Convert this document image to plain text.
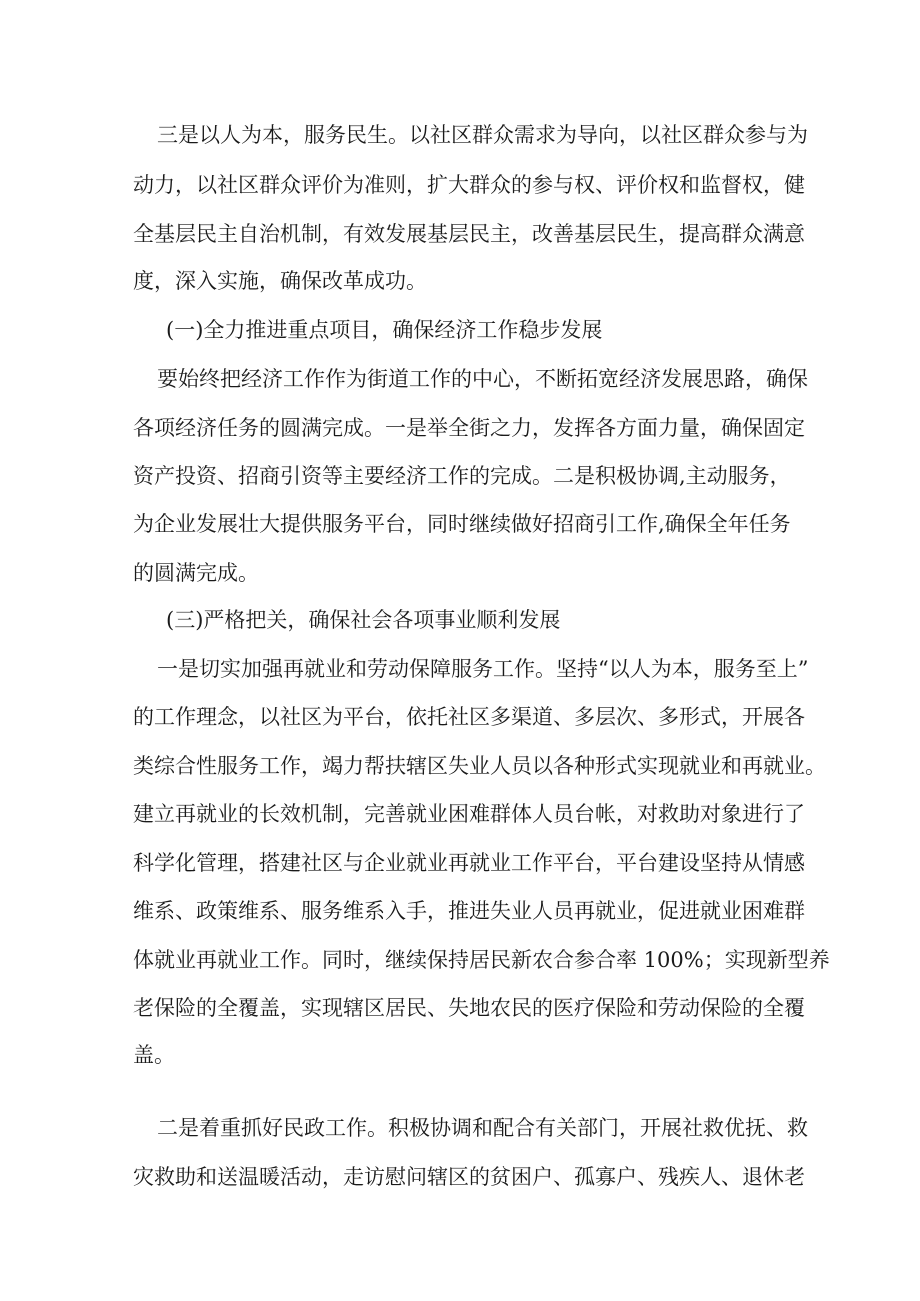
三是以人为本，服务民生。以社区群众需求为导向，以社区群众参与为
动力，以社区群众评价为准则，扩大群众的参与权、评价权和监督权，健
全基层民主自治机制，有效发展基层民主，改善基层民生，提高群众满意
度，深入实施，确保改革成功。
(一)全力推进重点项目，确保经济工作稳步发展
要始终把经济工作作为街道工作的中心，不断拓宽经济发展思路，确保
各项经济任务的圆满完成。一是举全街之力，发挥各方面力量，确保固定
资产投资、招商引资等主要经济工作的完成。二是积极协调,主动服务，
为企业发展壮大提供服务平台，同时继续做好招商引工作,确保全年任务
的圆满完成。
(三)严格把关，确保社会各项事业顺利发展
一是切实加强再就业和劳动保障服务工作。坚持“以人为本，服务至上”
的工作理念，以社区为平台，依托社区多渠道、多层次、多形式，开展各
类综合性服务工作，竭力帮扶辖区失业人员以各种形式实现就业和再就业。
建立再就业的长效机制，完善就业困难群体人员台帐，对救助对象进行了
科学化管理，搭建社区与企业就业再就业工作平台，平台建设坚持从情感
维系、政策维系、服务维系入手，推进失业人员再就业，促进就业困难群
体就业再就业工作。同时，继续保持居民新农合参合率 100%；实现新型养
老保险的全覆盖，实现辖区居民、失地农民的医疗保险和劳动保险的全覆
盖。
二是着重抓好民政工作。积极协调和配合有关部门，开展社救优抚、救
灾救助和送温暖活动，走访慰问辖区的贫困户、孤寡户、残疾人、退休老
